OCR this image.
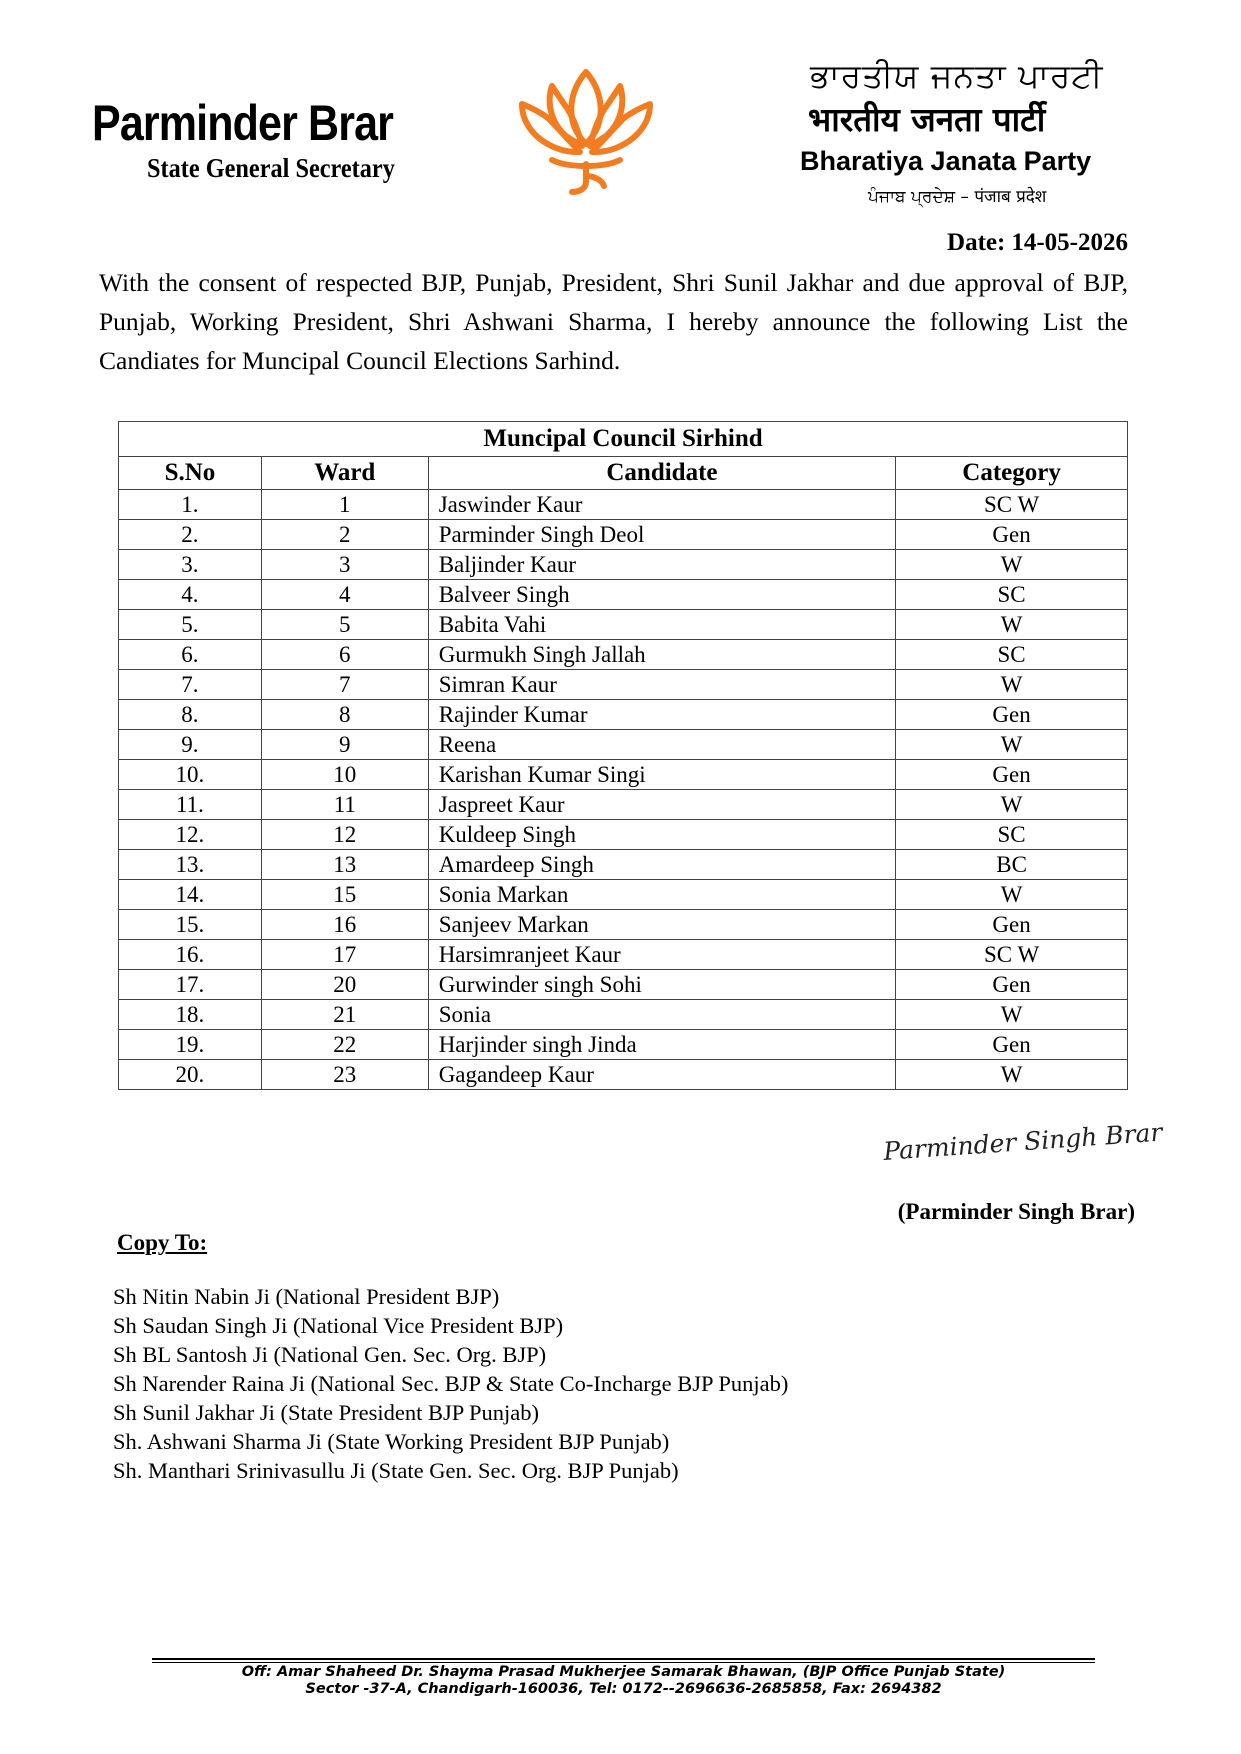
Parminder Brar
State General Secretary
ਭਾਰਤੀਯ ਜਨਤਾ ਪਾਰਟੀ
भारतीय जनता पार्टी
Bharatiya Janata Party
ਪੰਜਾਬ ਪ੍ਰਦੇਸ਼ – पंजाब प्रदेश
Date: 14-05-2026

With the consent of respected BJP, Punjab, President, Shri Sunil Jakhar and due approval of BJP, Punjab, Working President, Shri Ashwani Sharma, I hereby announce the following List the Candiates for Muncipal Council Elections Sarhind.

Muncipal Council Sirhind			
S.No	Ward	Candidate	Category
1.	1	Jaswinder Kaur	SC W
2.	2	Parminder Singh Deol	Gen
3.	3	Baljinder Kaur	W
4.	4	Balveer Singh	SC
5.	5	Babita Vahi	W
6.	6	Gurmukh Singh Jallah	SC
7.	7	Simran Kaur	W
8.	8	Rajinder Kumar	Gen
9.	9	Reena	W
10.	10	Karishan Kumar Singi	Gen
11.	11	Jaspreet Kaur	W
12.	12	Kuldeep Singh	SC
13.	13	Amardeep Singh	BC
14.	15	Sonia Markan	W
15.	16	Sanjeev Markan	Gen
16.	17	Harsimranjeet Kaur	SC W
17.	20	Gurwinder singh Sohi	Gen
18.	21	Sonia	W
19.	22	Harjinder singh Jinda	Gen
20.	23	Gagandeep Kaur	W
Parminder Singh Brar
(Parminder Singh Brar)
Copy To:
Sh Nitin Nabin Ji (National President BJP)
Sh Saudan Singh Ji (National Vice President BJP)
Sh BL Santosh Ji (National Gen. Sec. Org. BJP)
Sh Narender Raina Ji (National Sec. BJP & State Co-Incharge BJP Punjab)
Sh Sunil Jakhar Ji (State President BJP Punjab)
Sh. Ashwani Sharma Ji (State Working President BJP Punjab)
Sh. Manthari Srinivasullu Ji (State Gen. Sec. Org. BJP Punjab)
Off: Amar Shaheed Dr. Shayma Prasad Mukherjee Samarak Bhawan, (BJP Office Punjab State)
Sector -37-A, Chandigarh-160036, Tel: 0172--2696636-2685858, Fax: 2694382
